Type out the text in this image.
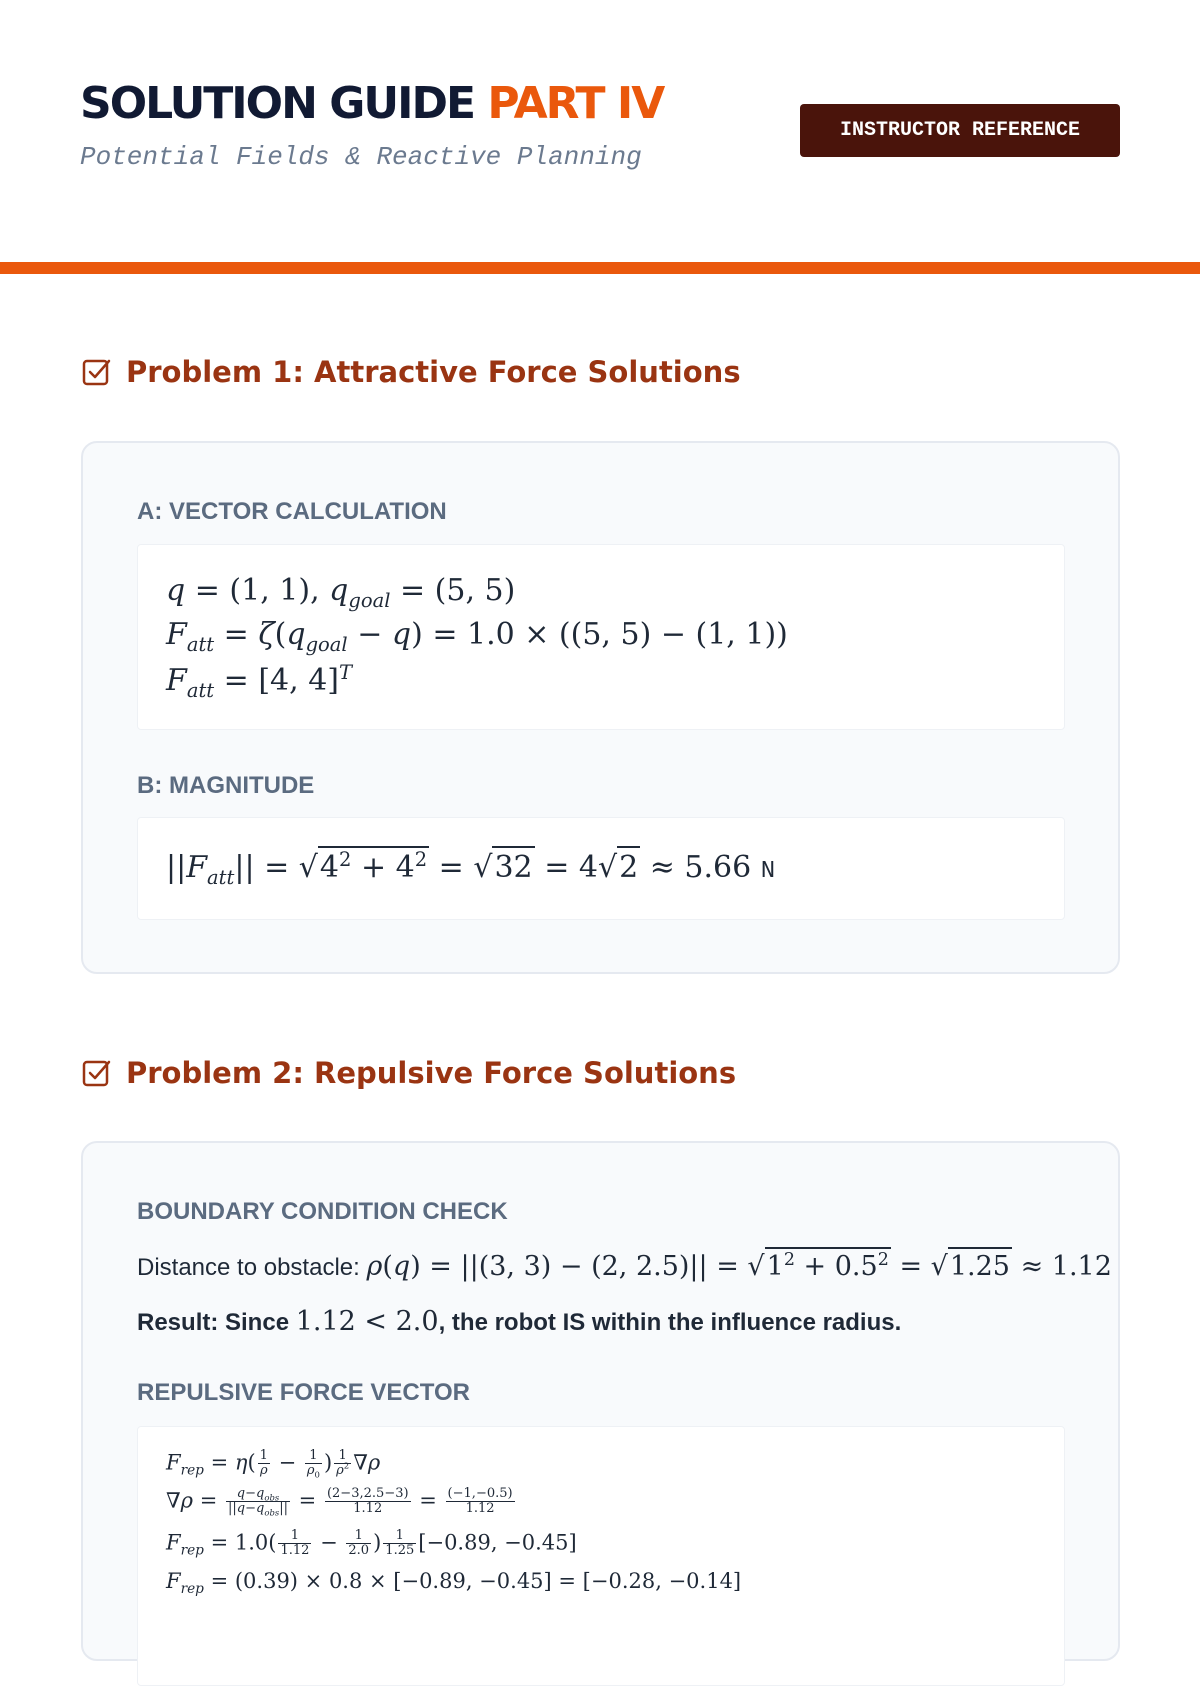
SOLUTION GUIDE PART IV

Potential Fields & Reactive Planning

INSTRUCTOR REFERENCE
Problem 1: Attractive Force Solutions

A: VECTOR CALCULATION

q = (1, 1), $q_{goal} = (5$, 5)
$F_{att} = \zeta(q_{goal} - q) = 1.0 \times ((5$, 5) − (1, 1))
$F_{att} = [4$, 4]$^T$

B: MAGNITUDE

$||F_{att}|| = √4^2 + 4^2 = √32 = 4√2 \approx 5.66$ N
Problem 2: Repulsive Force Solutions

BOUNDARY CONDITION CHECK

Distance to obstacle: ρ(q) = ||(3, 3) − (2, $2.5)|| = √1^2 + 0.5^2 = √1.25 \approx 1.12$

Result: Since 1.12 < 2.0, the robot IS within the influence radius.

REPULSIVE FORCE VECTOR

$F_{rep} = \eta( \frac{1}{\rho} - \frac{1}{\rho_0}$ ) $\frac{1}{\rho^2} \nabla\rho$
$\nabla\rho = \frac{q-q_{obs}}{||q-q_{obs}||} = \frac{(2-3,2.5-3)}{1.12} = \frac{(-1,-0.5)}{1.12}$
$F_{rep} = 1.0( \frac{1}{1.12} - \frac{1}{2.0}$ ) $\frac{1}{1.25} [-0.89$, −0.45]
$F_{rep} = (0.39) \times 0.8 \times [-0.89$, −0.45] = [−0.28, −0.14]
